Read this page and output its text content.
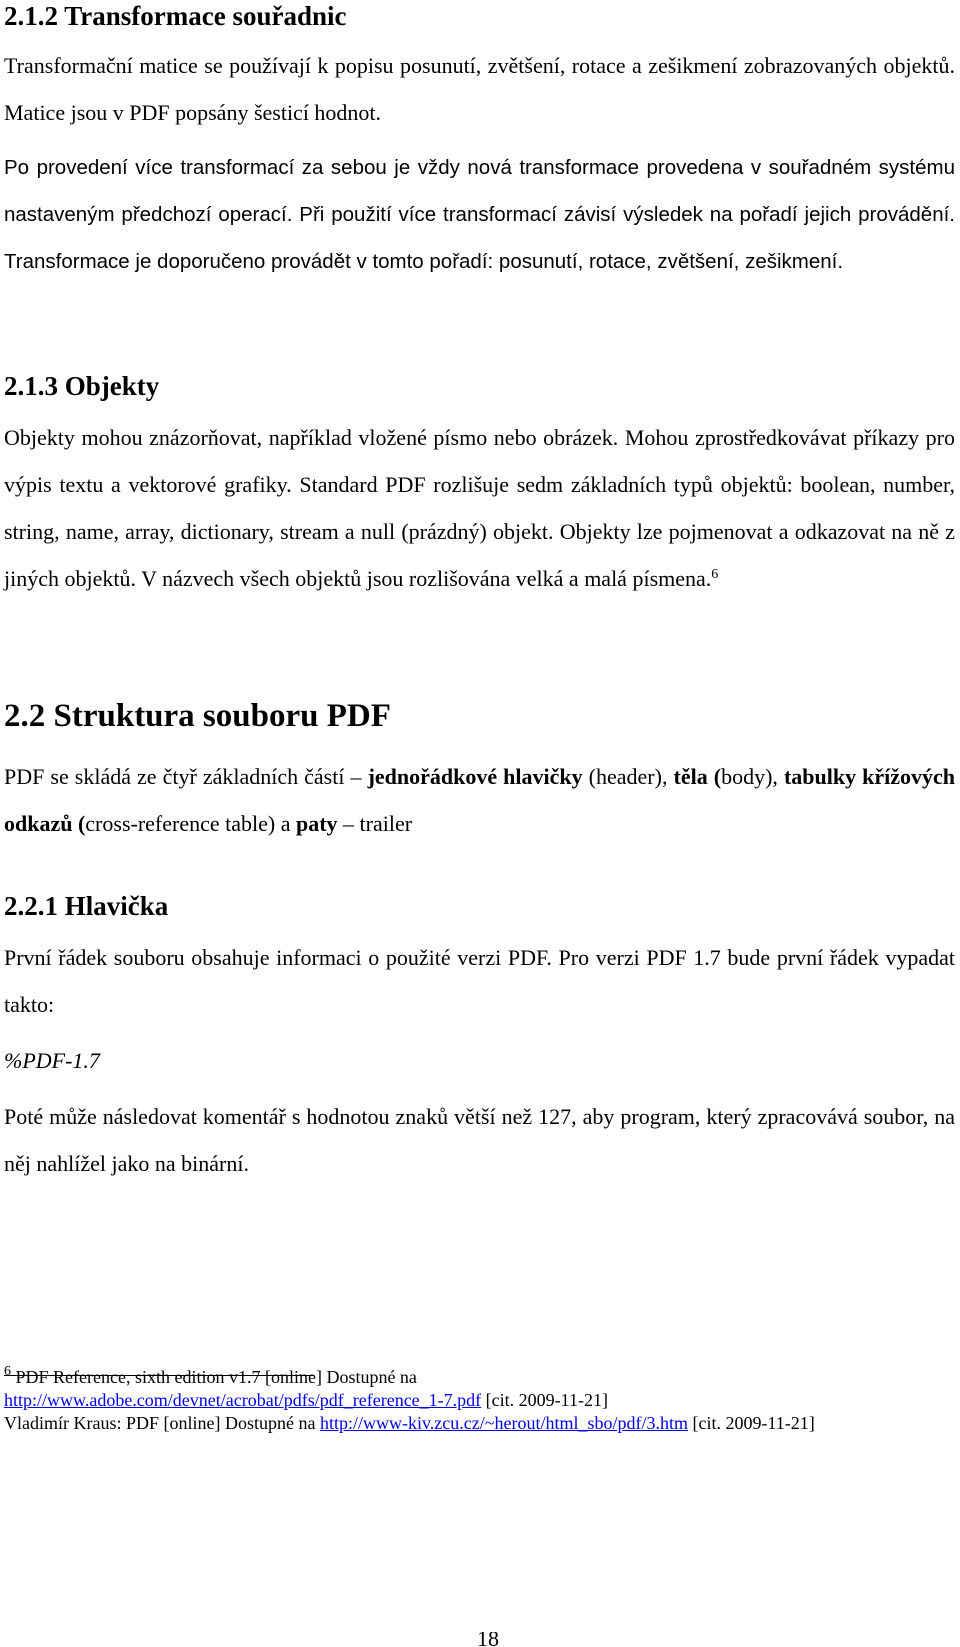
2.1.2 Transformace souřadnic

Transformační matice se používají k popisu posunutí, zvětšení, rotace a zešikmení zobrazovaných objektů. Matice jsou v PDF popsány šesticí hodnot.

Po provedení více transformací za sebou je vždy nová transformace provedena v souřadném systému nastaveným předchozí operací. Při použití více transformací závisí výsledek na pořadí jejich provádění. Transformace je doporučeno provádět v tomto pořadí: posunutí, rotace, zvětšení, zešikmení.

2.1.3 Objekty

Objekty mohou znázorňovat, například vložené písmo nebo obrázek. Mohou zprostředkovávat příkazy pro výpis textu a vektorové grafiky. Standard PDF rozlišuje sedm základních typů objektů: boolean, number, string, name, array, dictionary, stream a null (prázdný) objekt. Objekty lze pojmenovat a odkazovat na ně z jiných objektů. V názvech všech objektů jsou rozlišována velká a malá písmena.$^6$

2.2 Struktura souboru PDF

PDF se skládá ze čtyř základních částí – jednořádkové hlavičky (header), těla (body), tabulky křížových odkazů (cross-reference table) a paty – trailer

2.2.1 Hlavička

První řádek souboru obsahuje informaci o použité verzi PDF. Pro verzi PDF 1.7 bude první řádek vypadat takto:

%PDF-1.7

Poté může následovat komentář s hodnotou znaků větší než 127, aby program, který zpracovává soubor, na něj nahlížel jako na binární.

$^6$ PDF Reference, sixth edition v1.7 [online] Dostupné na
http://www.adobe.com/devnet/acrobat/pdfs/pdf_reference_1-7.pdf [cit. 2009-11-21]
Vladimír Kraus: PDF [online] Dostupné na http://www-kiv.zcu.cz/~herout/html_sbo/pdf/3.htm [cit. 2009-11-21]
18
